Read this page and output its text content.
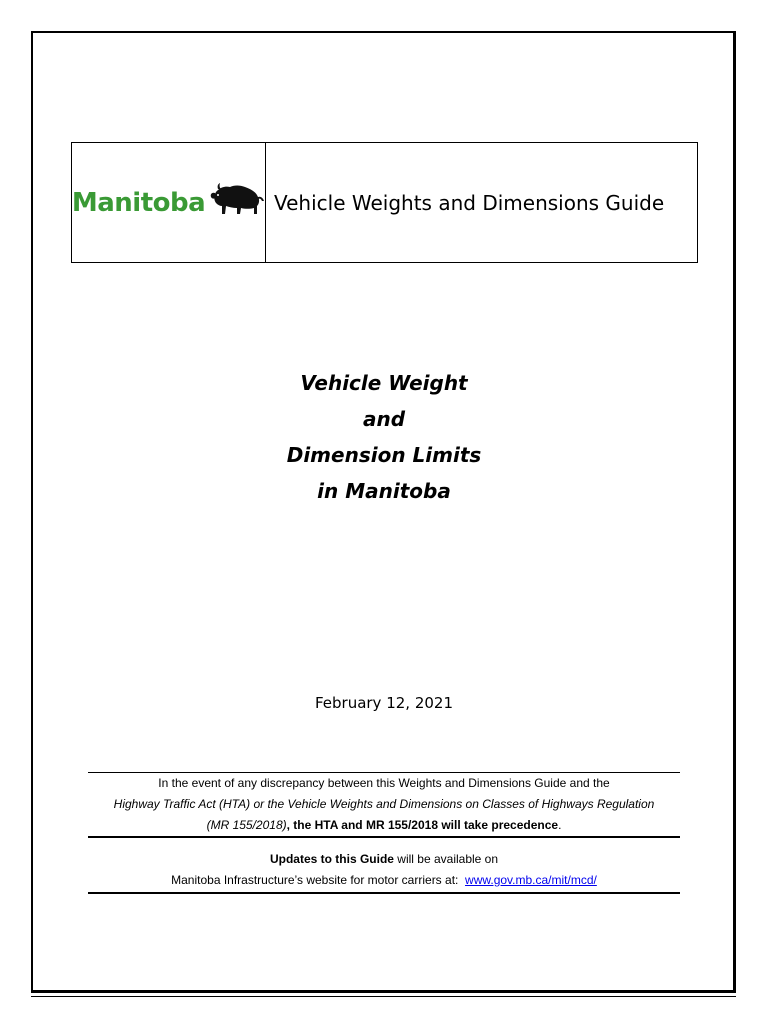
Manitoba	Vehicle Weights and Dimensions Guide
Vehicle Weight
and
Dimension Limits
in Manitoba
February 12, 2021
In the event of any discrepancy between this Weights and Dimensions Guide and the
Highway Traffic Act (HTA) or the Vehicle Weights and Dimensions on Classes of Highways Regulation
(MR 155/2018), the HTA and MR 155/2018 will take precedence.
Updates to this Guide will be available on
Manitoba Infrastructure’s website for motor carriers at:  www.gov.mb.ca/mit/mcd/
